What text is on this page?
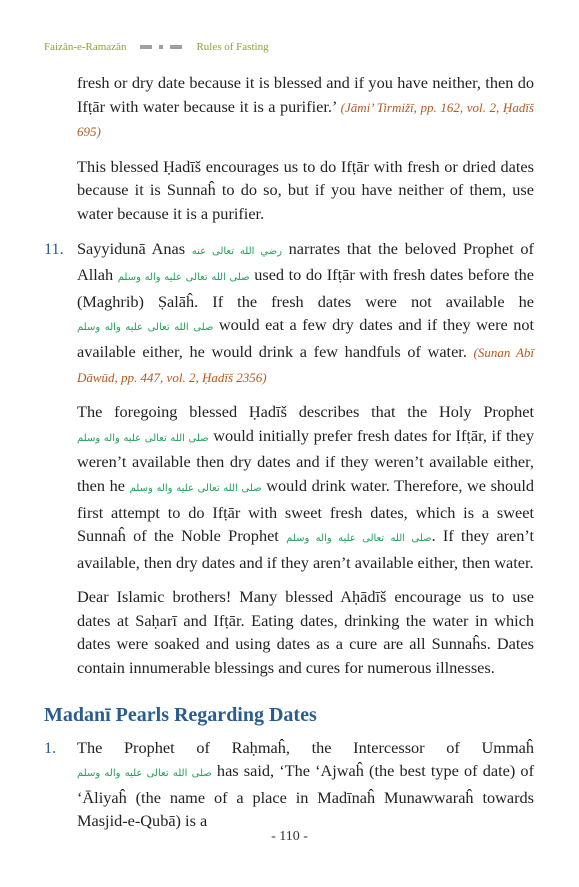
Faizān-e-Ramazān	Rules of Fasting

fresh or dry date because it is blessed and if you have neither, then do Ifṭār with water because it is a purifier.’ (Jāmi’ Tirmižī, pp. 162, vol. 2, Ḥadīš 695)

This blessed Ḥadīš encourages us to do Ifṭār with fresh or dried dates because it is Sunnaĥ to do so, but if you have neither of them, use water because it is a purifier.

11. Sayyidunā Anas رضي الله تعالى عنه narrates that the beloved Prophet of Allah صلى الله تعالى عليه واله وسلم used to do Ifṭār with fresh dates before the (Maghrib) Ṣalāĥ. If the fresh dates were not available he صلى الله تعالى عليه واله وسلم would eat a few dry dates and if they were not available either, he would drink a few handfuls of water. (Sunan Abī Dāwūd, pp. 447, vol. 2, Ḥadīš 2356)

The foregoing blessed Ḥadīš describes that the Holy Prophet صلى الله تعالى عليه واله وسلم would initially prefer fresh dates for Ifṭār, if they weren’t available then dry dates and if they weren’t available either, then he صلى الله تعالى عليه واله وسلم would drink water. Therefore, we should first attempt to do Ifṭār with sweet fresh dates, which is a sweet Sunnaĥ of the Noble Prophet صلى الله تعالى عليه واله وسلم. If they aren’t available, then dry dates and if they aren’t available either, then water.

Dear Islamic brothers! Many blessed Aḥādīš encourage us to use dates at Saḥarī and Ifṭār. Eating dates, drinking the water in which dates were soaked and using dates as a cure are all Sunnaĥs. Dates contain innumerable blessings and cures for numerous illnesses.

Madanī Pearls Regarding Dates
1. The Prophet of Raḥmaĥ, the Intercessor of Ummaĥ صلى الله تعالى عليه واله وسلم has said, ‘The ‘Ajwaĥ (the best type of date) of ‘Āliyaĥ (the name of a place in Madīnaĥ Munawwaraĥ towards Masjid-e-Qubā) is a
- 110 -
